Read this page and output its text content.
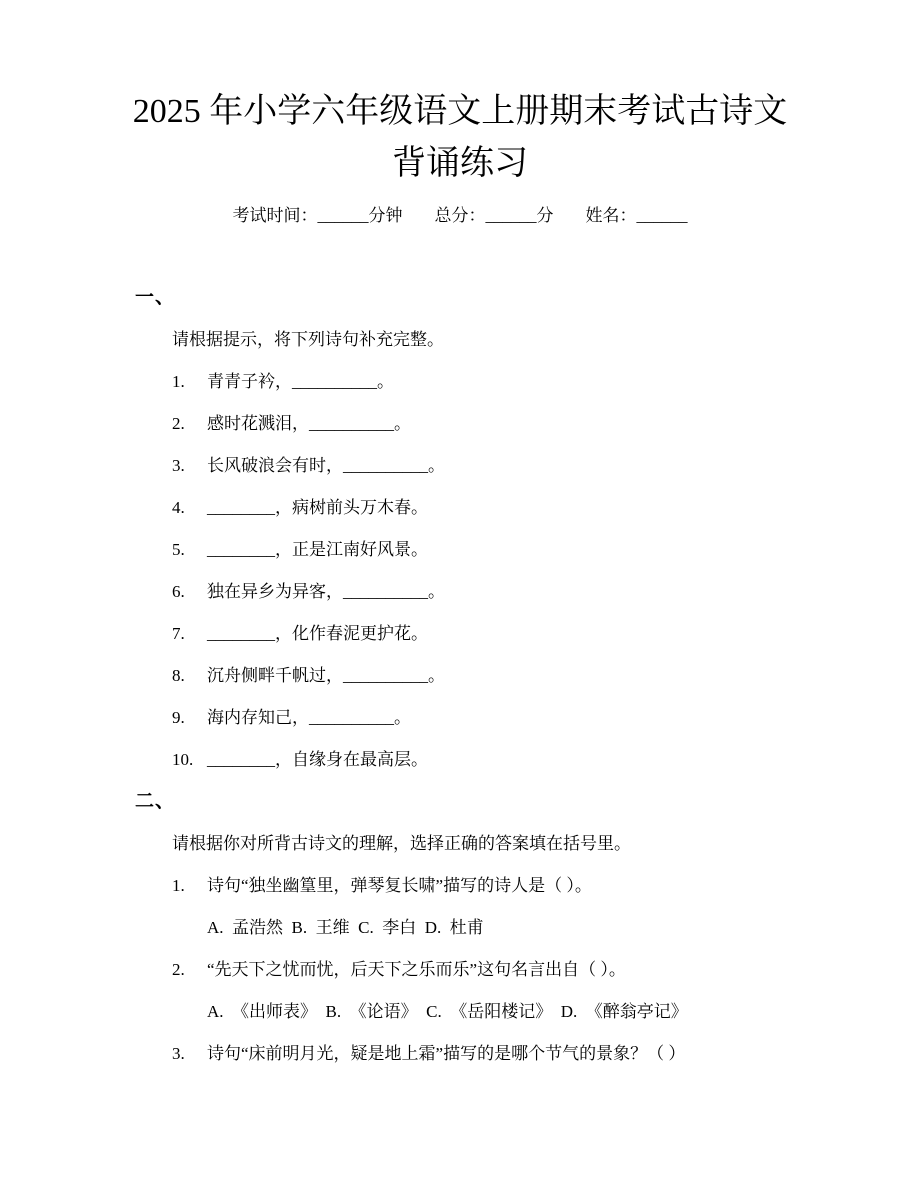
2025 年小学六年级语文上册期末考试古诗文
背诵练习
考试时间：______分钟 总分：______分 姓名：______
一、
请根据提示，将下列诗句补充完整。
1. 青青子衿，__________。
2. 感时花溅泪，__________。
3. 长风破浪会有时，__________。
4. ________，病树前头万木春。
5. ________，正是江南好风景。
6. 独在异乡为异客，__________。
7. ________，化作春泥更护花。
8. 沉舟侧畔千帆过，__________。
9. 海内存知己，__________。
10. ________，自缘身在最高层。
二、
请根据你对所背古诗文的理解，选择正确的答案填在括号里。
1. 诗句“独坐幽篁里，弹琴复长啸”描写的诗人是（ ）。
A.  孟浩然  B.  王维  C.  李白  D.  杜甫
2. “先天下之忧而忧，后天下之乐而乐”这句名言出自（ ）。
A.  《出师表》  B.  《论语》  C.  《岳阳楼记》  D.  《醉翁亭记》
3. 诗句“床前明月光，疑是地上霜”描写的是哪个节气的景象？（ ）
